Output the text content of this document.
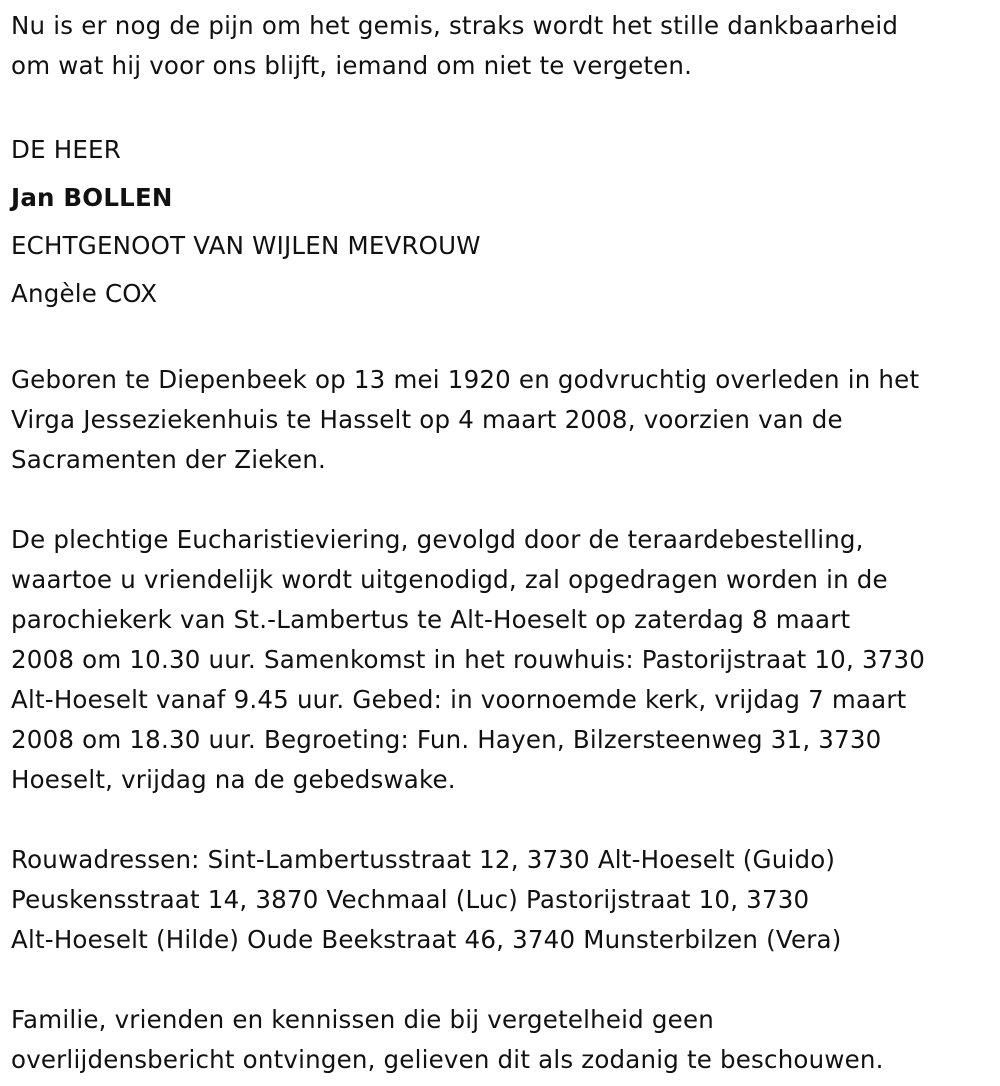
Nu is er nog de pijn om het gemis, straks wordt het stille dankbaarheid
om wat hij voor ons blijft, iemand om niet te vergeten.

DE HEER
Jan BOLLEN
ECHTGENOOT VAN WIJLEN MEVROUW
Angèle COX

Geboren te Diepenbeek op 13 mei 1920 en godvruchtig overleden in het
Virga Jesseziekenhuis te Hasselt op 4 maart 2008, voorzien van de
Sacramenten der Zieken.

De plechtige Eucharistieviering, gevolgd door de teraardebestelling,
waartoe u vriendelijk wordt uitgenodigd, zal opgedragen worden in de
parochiekerk van St.-Lambertus te Alt-Hoeselt op zaterdag 8 maart
2008 om 10.30 uur. Samenkomst in het rouwhuis: Pastorijstraat 10, 3730
Alt-Hoeselt vanaf 9.45 uur. Gebed: in voornoemde kerk, vrijdag 7 maart
2008 om 18.30 uur. Begroeting: Fun. Hayen, Bilzersteenweg 31, 3730
Hoeselt, vrijdag na de gebedswake.

Rouwadressen: Sint-Lambertusstraat 12, 3730 Alt-Hoeselt (Guido)
Peuskensstraat 14, 3870 Vechmaal (Luc) Pastorijstraat 10, 3730
Alt-Hoeselt (Hilde) Oude Beekstraat 46, 3740 Munsterbilzen (Vera)

Familie, vrienden en kennissen die bij vergetelheid geen
overlijdensbericht ontvingen, gelieven dit als zodanig te beschouwen.
